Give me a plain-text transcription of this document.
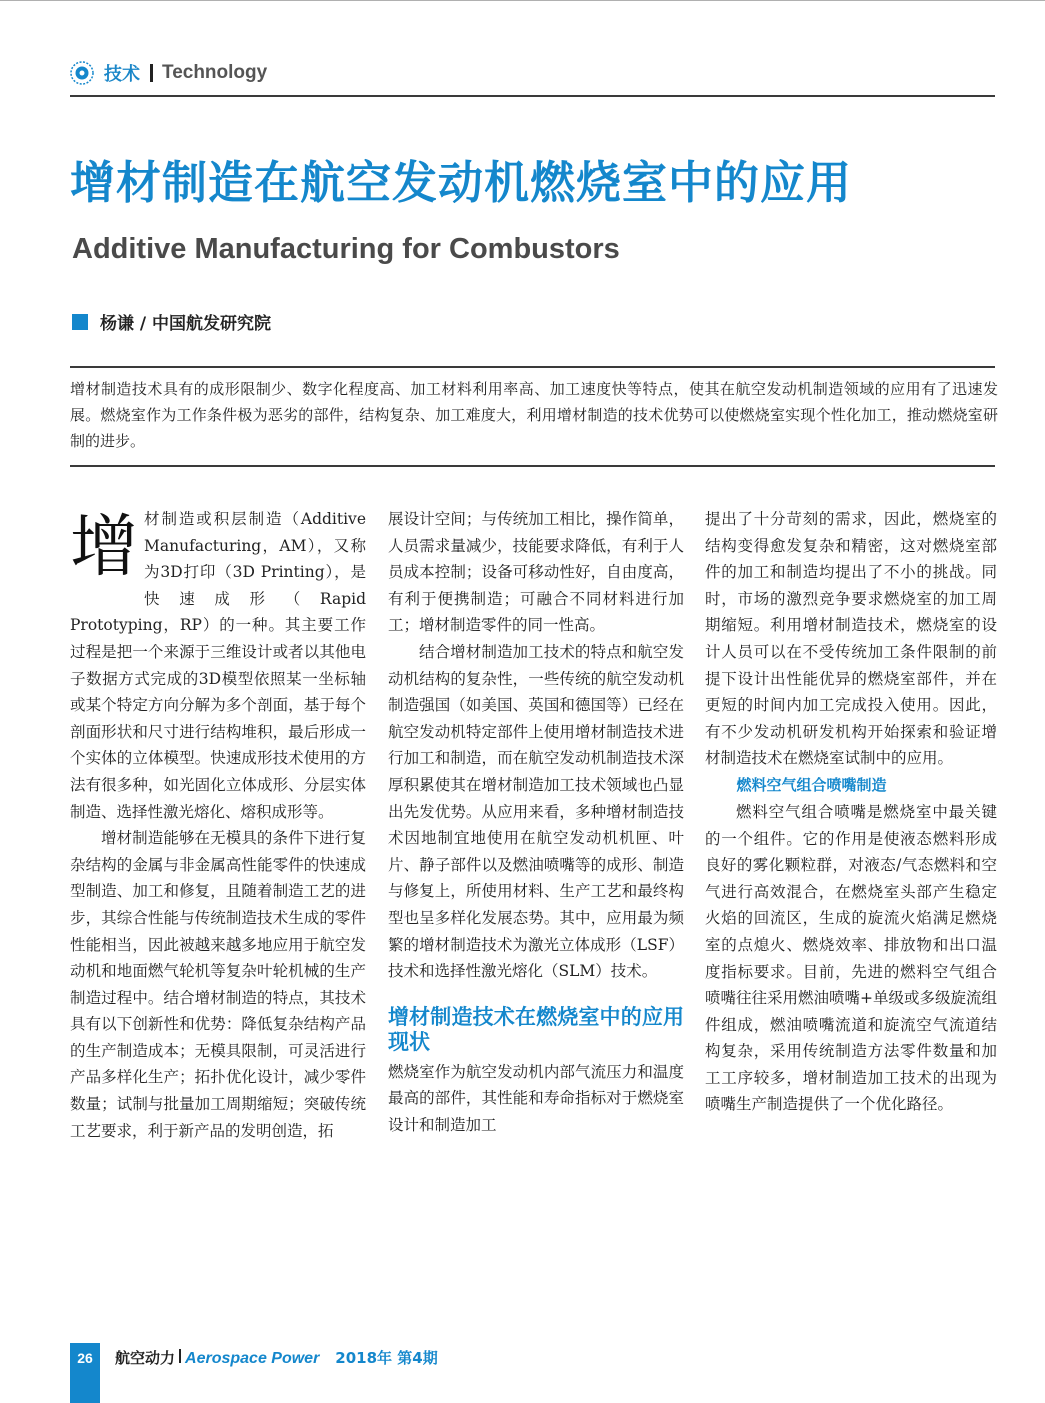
技术 Technology
增材制造在航空发动机燃烧室中的应用
Additive Manufacturing for Combustors
杨谦 / 中国航发研究院
增材制造技术具有的成形限制少、数字化程度高、加工材料利用率高、加工速度快等特点，使其在航空发动机制造领域的应用有了迅速发展。燃烧室作为工作条件极为恶劣的部件，结构复杂、加工难度大，利用增材制造的技术优势可以使燃烧室实现个性化加工，推动燃烧室研制的进步。
增 材制造或积层制造（Additive Manufacturing，AM），又称为3D打印（3D Printing），是快速成形（Rapid Prototyping，RP）的一种。其主要工作过程是把一个来源于三维设计或者以其他电子数据方式完成的3D模型依照某一坐标轴或某个特定方向分解为多个剖面，基于每个剖面形状和尺寸进行结构堆积，最后形成一个实体的立体模型。快速成形技术使用的方法有很多种，如光固化立体成形、分层实体制造、选择性激光熔化、熔积成形等。

增材制造能够在无模具的条件下进行复杂结构的金属与非金属高性能零件的快速成型制造、加工和修复，且随着制造工艺的进步，其综合性能与传统制造技术生成的零件性能相当，因此被越来越多地应用于航空发动机和地面燃气轮机等复杂叶轮机械的生产制造过程中。结合增材制造的特点，其技术具有以下创新性和优势：降低复杂结构产品的生产制造成本；无模具限制，可灵活进行产品多样化生产；拓扑优化设计，减少零件数量；试制与批量加工周期缩短；突破传统工艺要求，利于新产品的发明创造，拓

展设计空间；与传统加工相比，操作简单，人员需求量减少，技能要求降低，有利于人员成本控制；设备可移动性好，自由度高，有利于便携制造；可融合不同材料进行加工；增材制造零件的同一性高。

结合增材制造加工技术的特点和航空发动机结构的复杂性，一些传统的航空发动机制造强国（如美国、英国和德国等）已经在航空发动机特定部件上使用增材制造技术进行加工和制造，而在航空发动机制造技术深厚积累使其在增材制造加工技术领域也凸显出先发优势。从应用来看，多种增材制造技术因地制宜地使用在航空发动机机匣、叶片、静子部件以及燃油喷嘴等的成形、制造与修复上，所使用材料、生产工艺和最终构型也呈多样化发展态势。其中，应用最为频繁的增材制造技术为激光立体成形（LSF）技术和选择性激光熔化（SLM）技术。

增材制造技术在燃烧室中的应用现状

燃烧室作为航空发动机内部气流压力和温度最高的部件，其性能和寿命指标对于燃烧室设计和制造加工

提出了十分苛刻的需求，因此，燃烧室的结构变得愈发复杂和精密，这对燃烧室部件的加工和制造均提出了不小的挑战。同时，市场的激烈竞争要求燃烧室的加工周期缩短。利用增材制造技术，燃烧室的设计人员可以在不受传统加工条件限制的前提下设计出性能优异的燃烧室部件，并在更短的时间内加工完成投入使用。因此，有不少发动机研发机构开始探索和验证增材制造技术在燃烧室试制中的应用。

燃料空气组合喷嘴制造

燃料空气组合喷嘴是燃烧室中最关键的一个组件。它的作用是使液态燃料形成良好的雾化颗粒群，对液态/气态燃料和空气进行高效混合，在燃烧室头部产生稳定火焰的回流区，生成的旋流火焰满足燃烧室的点熄火、燃烧效率、排放物和出口温度指标要求。目前，先进的燃料空气组合喷嘴往往采用燃油喷嘴+单级或多级旋流组件组成，燃油喷嘴流道和旋流空气流道结构复杂，采用传统制造方法零件数量和加工工序较多，增材制造加工技术的出现为喷嘴生产制造提供了一个优化路径。

26	航空动力 Aerospace Power 2018年 第4期
